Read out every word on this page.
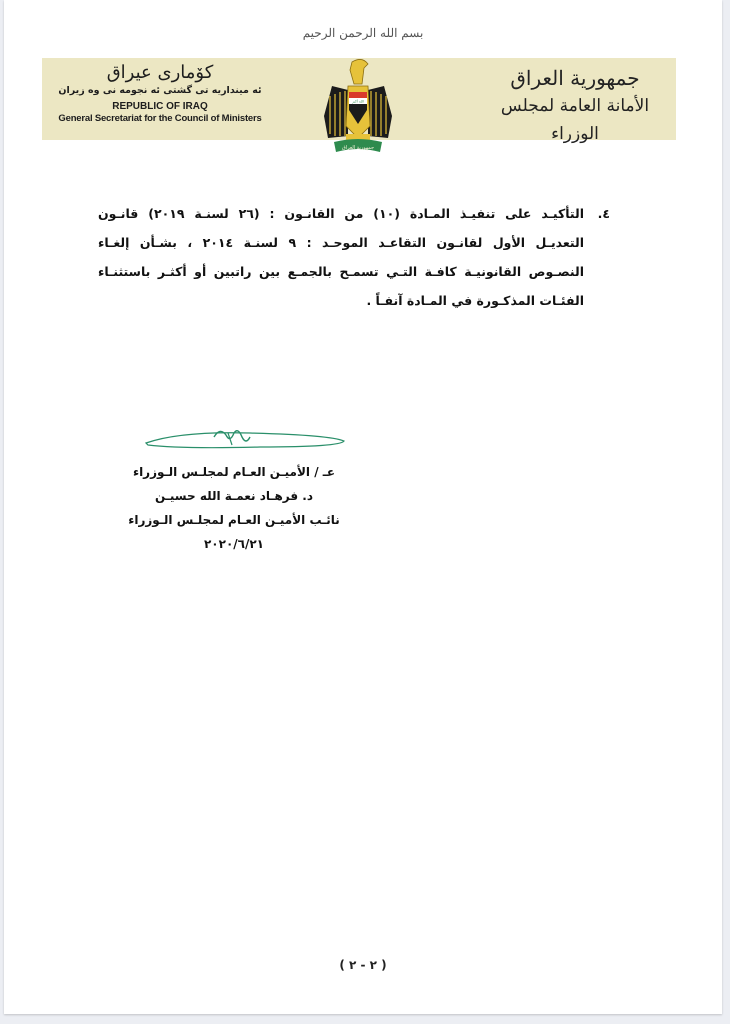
بسم الله الرحمن الرحيم
كۆماری عیراق
ئه مینداریه تی گشتی ئه نجومه نی وه زیران
REPUBLIC OF IRAQ
General Secretariat for the Council of Ministers
الله أكبر
جمهورية العراق
جمهورية العراق
الأمانة العامة لمجلس الوزراء
٤.التأكيـد على تنفيـذ المـادة (١٠) من القانـون : (٢٦ لسنـة ٢٠١٩) قانـون
التعديـل الأول لقانـون التقاعـد الموحـد : ٩ لسنـة ٢٠١٤ ، بشـأن إلغـاء
النصـوص القانونيـة كافـة التـي تسمـح بالجمـع بين راتبين أو أكثـر باستثنـاء
الفئـات المذكـورة في المـادة آنفـاً .
عـ / الأميـن العـام لمجلـس الـوزراء
د. فرهـاد نعمـة الله حسيـن
نائـب الأميـن العـام لمجلـس الـوزراء
٢٠٢٠/٦/٢١
( ٢ - ٢ )
